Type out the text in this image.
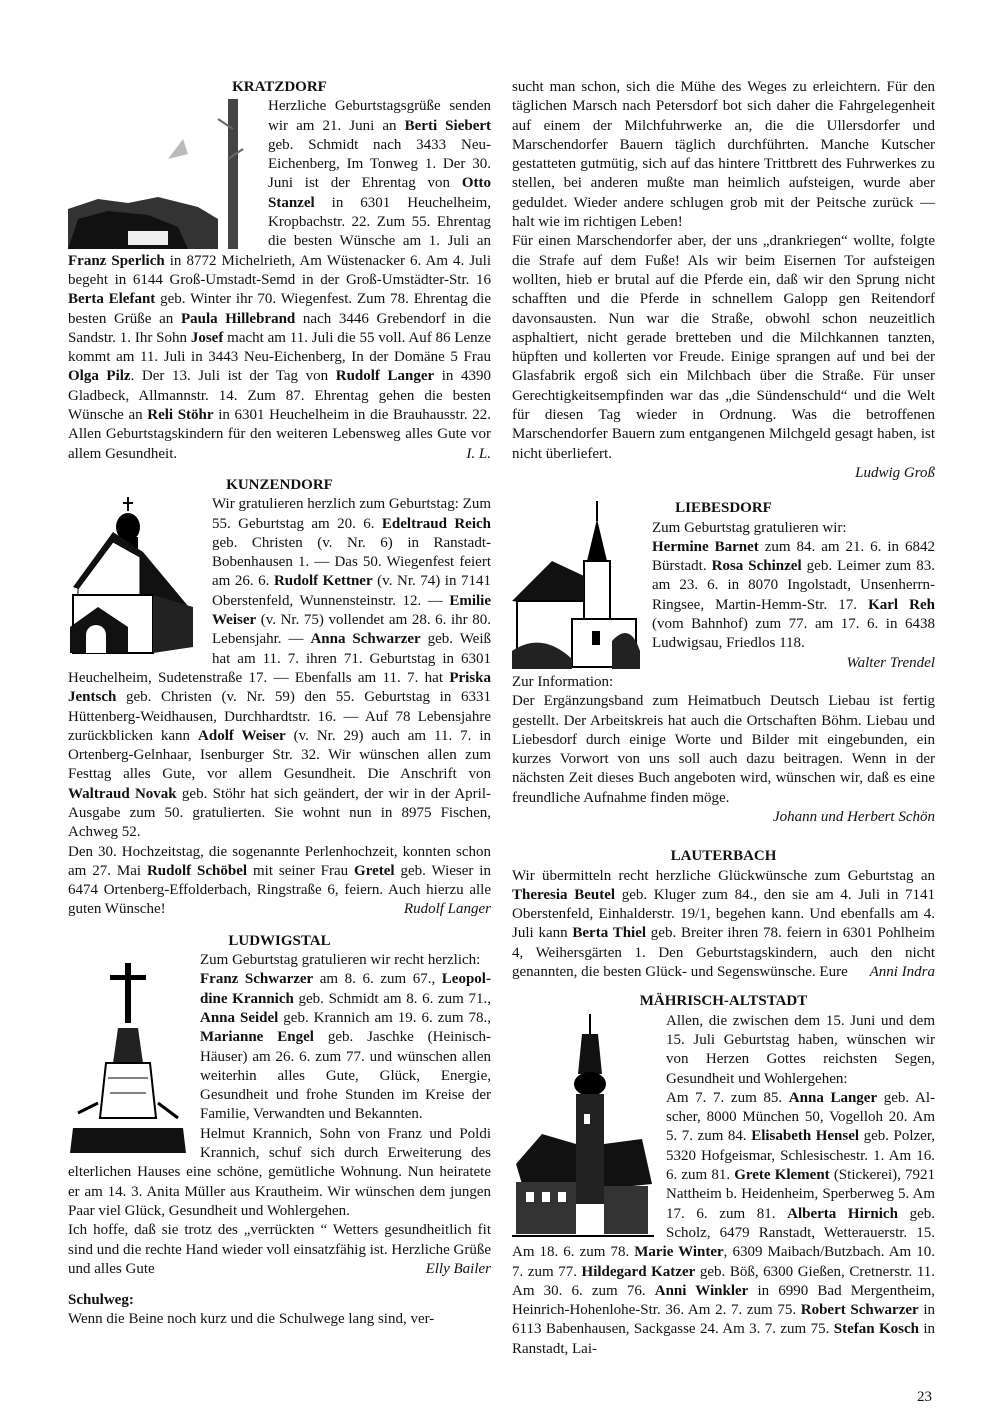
KRATZDORF

Herzliche Geburtstagsgrüße senden wir am 21. Juni an Berti Siebert geb. Schmidt nach 3433 Neu-Eichenberg, Im Tonweg 1. Der 30. Juni ist der Ehrentag von Otto Stanzel in 6301 Heuchelheim, Kropbachstr. 22. Zum 55. Ehrentag die besten Wünsche am 1. Juli an Franz Sperlich in 8772 Michelrieth, Am Wüstenacker 6. Am 4. Juli begeht in 6144 Groß-Umstadt-Semd in der Groß-Umstädter-Str. 16 Berta Elefant geb. Winter ihr 70. Wiegenfest. Zum 78. Ehrentag die besten Grüße an Paula Hillebrand nach 3446 Grebendorf in die Sandstr. 1. Ihr Sohn Josef macht am 11. Juli die 55 voll. Auf 86 Lenze kommt am 11. Juli in 3443 Neu-Eichenberg, In der Domäne 5 Frau Olga Pilz. Der 13. Juli ist der Tag von Rudolf Langer in 4390 Gladbeck, Allmannstr. 14. Zum 87. Ehrentag gehen die besten Wünsche an Reli Stöhr in 6301 Heuchelheim in die Brauhausstr. 22. Allen Geburtstagskindern für den weiteren Lebensweg alles Gute vor allem Gesundheit.	I. L.

KUNZENDORF

Wir gratulieren herzlich zum Geburtstag: Zum 55. Geburtstag am 20. 6. Edeltraud Reich geb. Christen (v. Nr. 6) in Ranstadt-Bobenhausen 1. — Das 50. Wiegenfest feiert am 26. 6. Rudolf Kettner (v. Nr. 74) in 7141 Oberstenfeld, Wunnensteinstr. 12. — Emilie Weiser (v. Nr. 75) vollendet am 28. 6. ihr 80. Lebensjahr. — Anna Schwarzer geb. Weiß hat am 11. 7. ihren 71. Geburtstag in 6301 Heuchelheim, Sudetenstraße 17. — Ebenfalls am 11. 7. hat Priska Jentsch geb. Christen (v. Nr. 59) den 55. Geburtstag in 6331 Hüttenberg-Weidhausen, Durchhardtstr. 16. — Auf 78 Lebensjahre zurückblicken kann Adolf Weiser (v. Nr. 29) auch am 11. 7. in Ortenberg-Gelnhaar, Isenburger Str. 32. Wir wünschen allen zum Festtag alles Gute, vor allem Gesundheit. Die Anschrift von Waltraud Novak geb. Stöhr hat sich geändert, der wir in der April-Ausgabe zum 50. gratulierten. Sie wohnt nun in 8975 Fischen, Achweg 52.

Den 30. Hochzeitstag, die sogenannte Perlenhochzeit, konnten schon am 27. Mai Rudolf Schöbel mit seiner Frau Gretel geb. Wieser in 6474 Ortenberg-Effolderbach, Ringstraße 6, feiern. Auch hierzu alle guten Wünsche!	Rudolf Langer

LUDWIGSTAL

Zum Geburtstag gratulieren wir recht herzlich:

Franz Schwarzer am 8. 6. zum 67., Leopoldine Krannich geb. Schmidt am 8. 6. zum 71., Anna Seidel geb. Krannich am 19. 6. zum 78., Marianne Engel geb. Jaschke (Heinisch-Häuser) am 26. 6. zum 77. und wünschen allen weiterhin alles Gute, Glück, Energie, Gesundheit und frohe Stunden im Kreise der Familie, Verwandten und Bekannten.

Helmut Krannich, Sohn von Franz und Poldi Krannich, schuf sich durch Erweiterung des elterlichen Hauses eine schöne, gemütliche Wohnung. Nun heiratete er am 14. 3. Anita Müller aus Krautheim. Wir wünschen dem jungen Paar viel Glück, Gesundheit und Wohlergehen.

Ich hoffe, daß sie trotz des „verrückten “ Wetters gesundheitlich fit sind und die rechte Hand wieder voll einsatzfähig ist. Herzliche Grüße und alles Gute	Elly Bailer

Schulweg:

Wenn die Beine noch kurz und die Schulwege lang sind, ver-

sucht man schon, sich die Mühe des Weges zu erleichtern. Für den täglichen Marsch nach Petersdorf bot sich daher die Fahrgelegenheit auf einem der Milchfuhrwerke an, die die Ullersdorfer und Marschendorfer Bauern täglich durchführten. Manche Kutscher gestatteten gutmütig, sich auf das hintere Trittbrett des Fuhrwerkes zu stellen, bei anderen mußte man heimlich aufsteigen, wurde aber geduldet. Wieder andere schlugen grob mit der Peitsche zurück — halt wie im richtigen Leben!

Für einen Marschendorfer aber, der uns „drankriegen“ wollte, folgte die Strafe auf dem Fuße! Als wir beim Eisernen Tor aufsteigen wollten, hieb er brutal auf die Pferde ein, daß wir den Sprung nicht schafften und die Pferde in schnellem Galopp gen Reitendorf davonsausten. Nun war die Straße, obwohl schon neuzeitlich asphaltiert, nicht gerade bretteben und die Milchkannen tanzten, hüpften und kollerten vor Freude. Einige sprangen auf und bei der Glasfabrik ergoß sich ein Milchbach über die Straße. Für unser Gerechtigkeitsempfinden war das „die Sündenschuld“ und die Welt für diesen Tag wieder in Ordnung. Was die betroffenen Marschendorfer Bauern zum entgangenen Milchgeld gesagt haben, ist nicht überliefert.

Ludwig Groß
LIEBESDORF

Zum Geburtstag gratulieren wir:

Hermine Barnet zum 84. am 21. 6. in 6842 Bürstadt. Rosa Schinzel geb. Leimer zum 83. am 23. 6. in 8070 Ingolstadt, Unsenherrn-Ringsee, Martin-Hemm-Str. 17. Karl Reh (vom Bahnhof) zum 77. am 17. 6. in 6438 Ludwigsau, Friedlos 118.

Walter Trendel

Zur Information:

Der Ergänzungsband zum Heimatbuch Deutsch Liebau ist fertig gestellt. Der Arbeitskreis hat auch die Ortschaften Böhm. Liebau und Liebesdorf durch einige Worte und Bilder mit eingebunden, ein kurzes Vorwort von uns soll auch dazu beitragen. Wenn in der nächsten Zeit dieses Buch angeboten wird, wünschen wir, daß es eine freundliche Aufnahme finden möge.

Johann und Herbert Schön
LAUTERBACH

Wir übermitteln recht herzliche Glückwünsche zum Geburtstag an Theresia Beutel geb. Kluger zum 84., den sie am 4. Juli in 7141 Oberstenfeld, Einhalderstr. 19/1, begehen kann. Und ebenfalls am 4. Juli kann Berta Thiel geb. Breiter ihren 78. feiern in 6301 Pohlheim 4, Weihersgärten 1. Den Geburtstagskindern, auch den nicht genannten, die besten Glück- und Segenswünsche. Eure	Anni Indra

MÄHRISCH-ALTSTADT

Allen, die zwischen dem 15. Juni und dem 15. Juli Geburtstag haben, wünschen wir von Herzen Gottes reichsten Segen, Gesundheit und Wohlergehen:

Am 7. 7. zum 85. Anna Langer geb. Alscher, 8000 München 50, Vogelloh 20. Am 5. 7. zum 84. Elisabeth Hensel geb. Polzer, 5320 Hofgeismar, Schlesischestr. 1. Am 16. 6. zum 81. Grete Klement (Stickerei), 7921 Nattheim b. Heidenheim, Sperberweg 5. Am 17. 6. zum 81. Alberta Hirnich geb. Scholz, 6479 Ranstadt, Wetterauerstr. 15. Am 18. 6. zum 78. Marie Winter, 6309 Maibach/Butzbach. Am 10. 7. zum 77. Hildegard Katzer geb. Böß, 6300 Gießen, Cretnerstr. 11. Am 30. 6. zum 76. Anni Winkler in 6990 Bad Mergentheim, Heinrich-Hohenlohe-Str. 36. Am 2. 7. zum 75. Robert Schwarzer in 6113 Babenhausen, Sackgasse 24. Am 3. 7. zum 75. Stefan Kosch in Ranstadt, Lai-

23
